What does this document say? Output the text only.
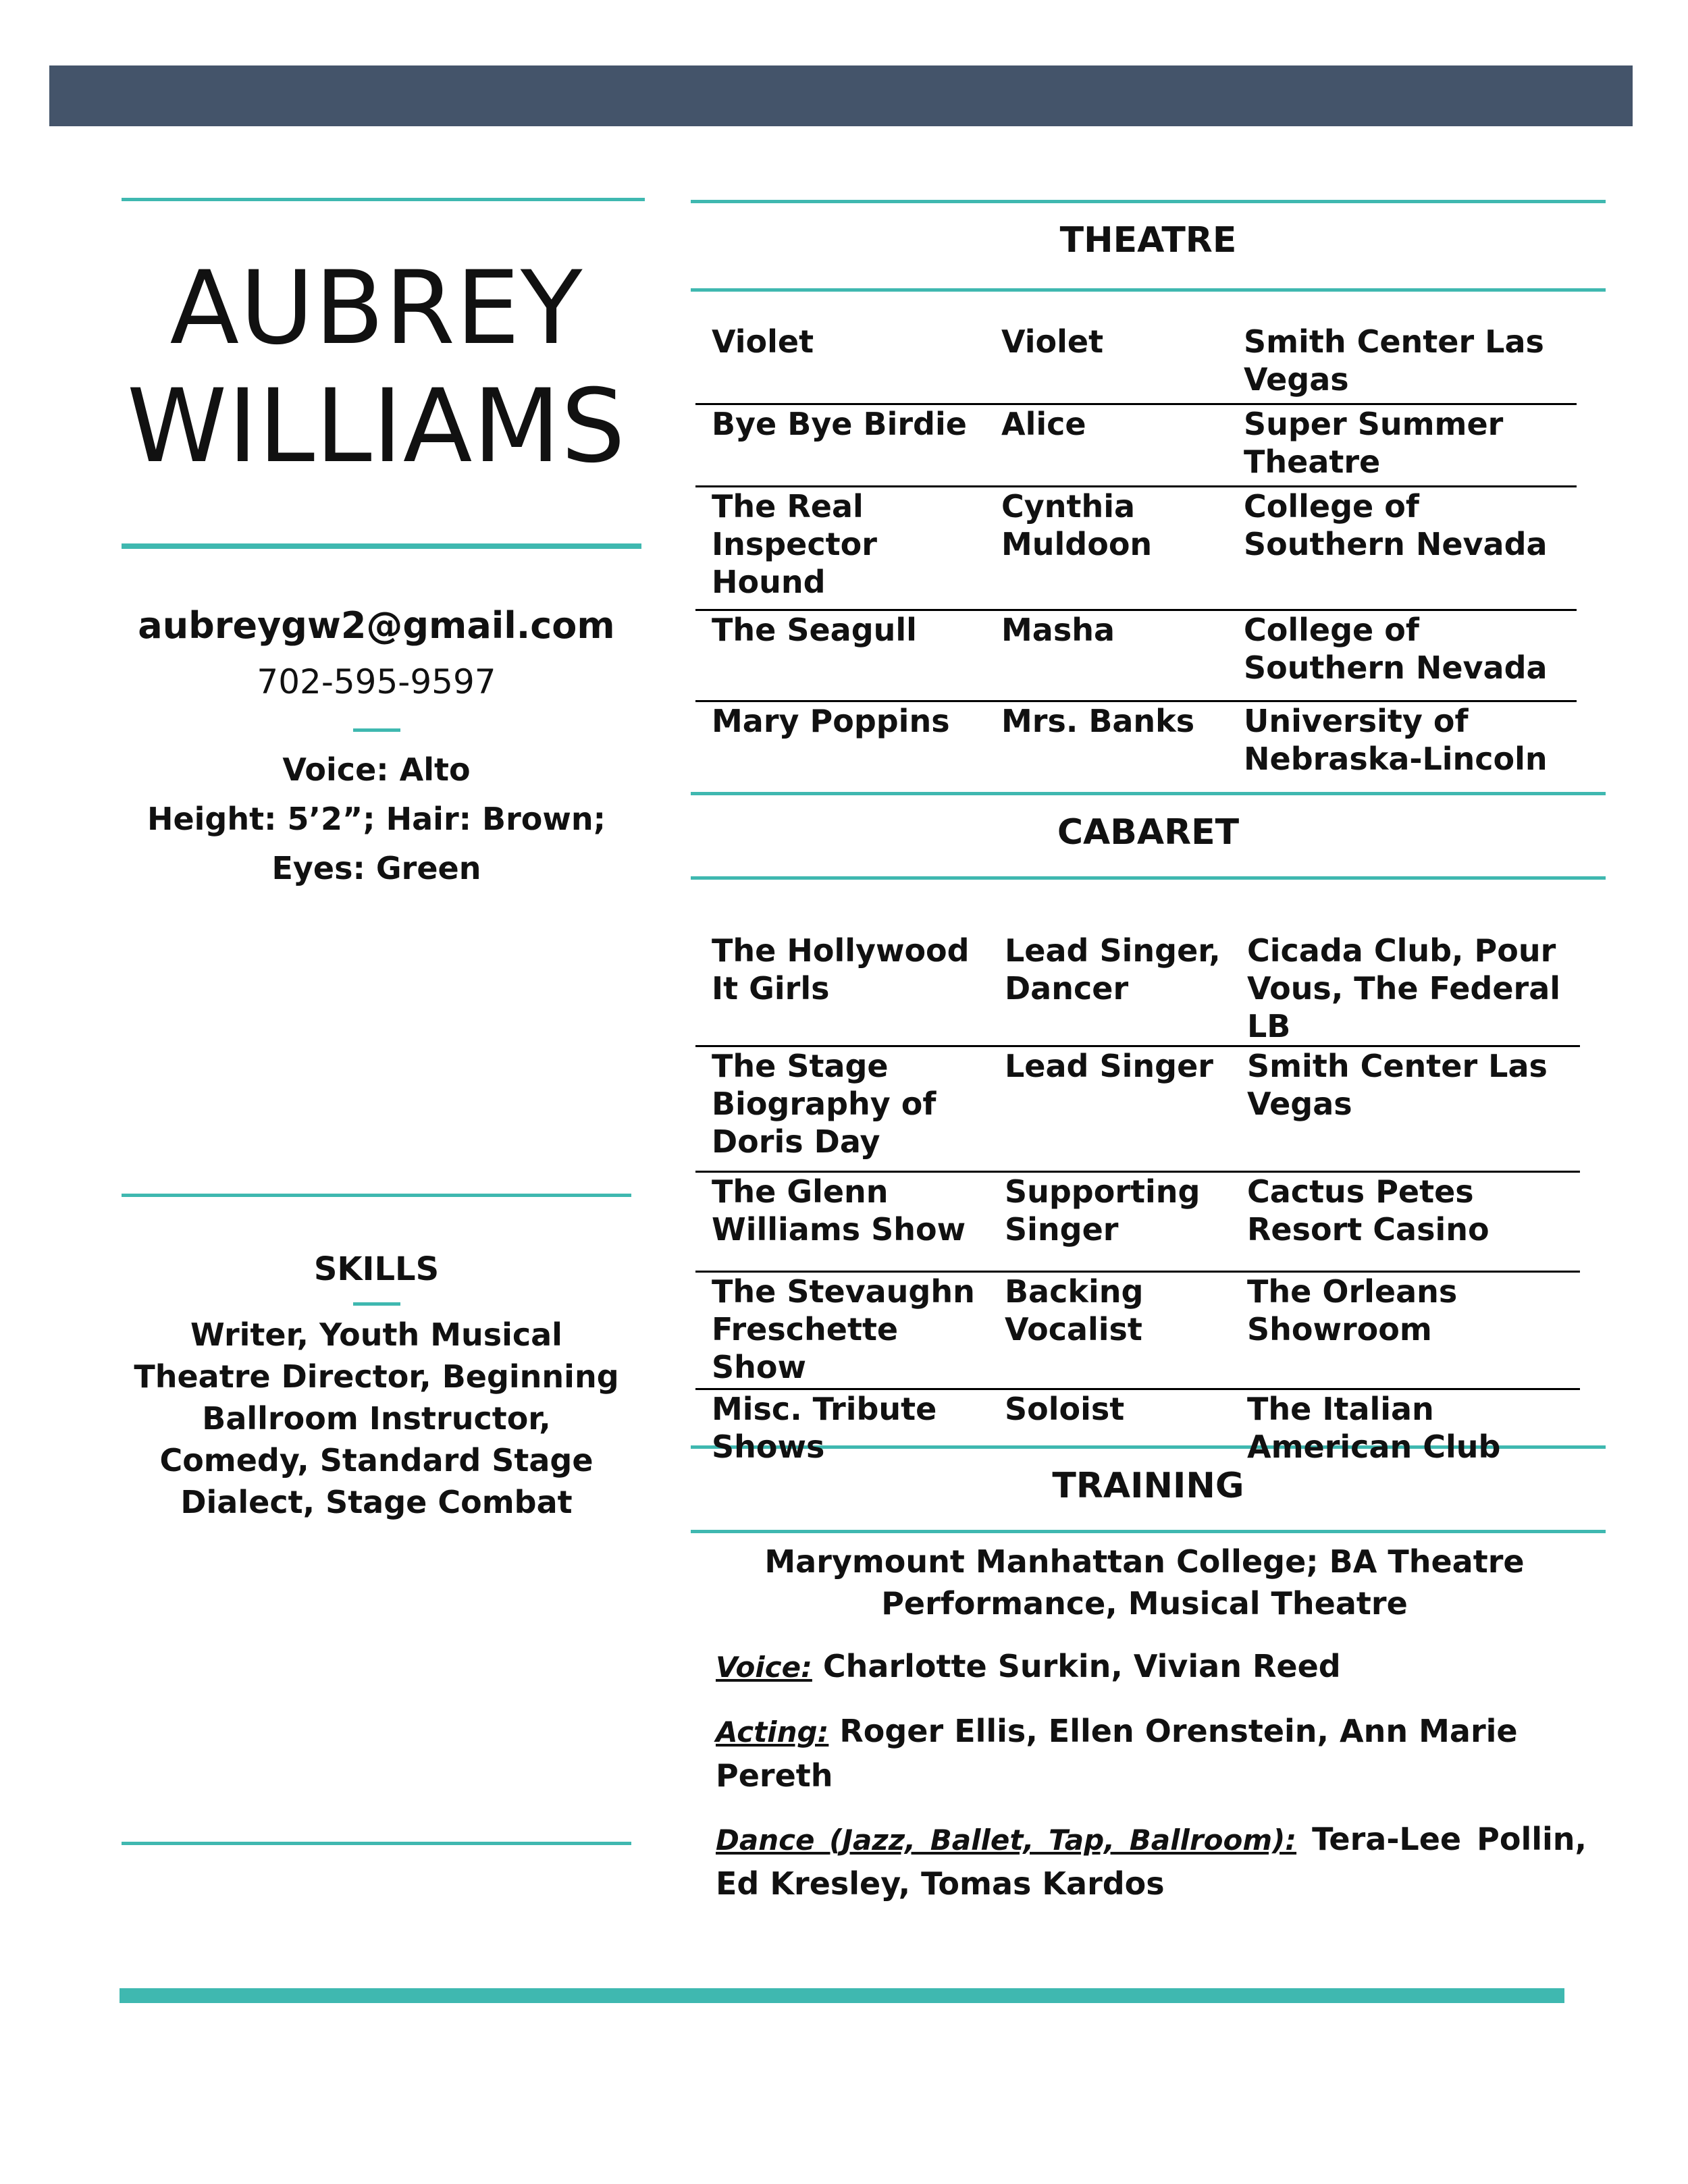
AUBREY
WILLIAMS
aubreygw2@gmail.com
702-595-9597
Voice: Alto
Height: 5’2”; Hair: Brown;
Eyes: Green
SKILLS
Writer, Youth Musical Theatre Director, Beginning Ballroom Instructor, Comedy, Standard Stage Dialect, Stage Combat
THEATRE
Violet	Violet	Smith Center Las Vegas
Bye Bye Birdie	Alice	Super Summer Theatre
The Real Inspector Hound	Cynthia Muldoon	College of Southern Nevada
The Seagull	Masha	College of Southern Nevada
Mary Poppins	Mrs. Banks	University of Nebraska-Lincoln
CABARET
The Hollywood It Girls	Lead Singer, Dancer	Cicada Club, Pour Vous, The Federal LB
The Stage Biography of Doris Day	Lead Singer	Smith Center Las Vegas
The Glenn Williams Show	Supporting Singer	Cactus Petes Resort Casino
The Stevaughn Freschette Show	Backing Vocalist	The Orleans Showroom
Misc. Tribute Shows	Soloist	The Italian American Club
TRAINING
Marymount Manhattan College; BA Theatre Performance, Musical Theatre
Voice: Charlotte Surkin, Vivian Reed
Acting: Roger Ellis, Ellen Orenstein, Ann Marie Pereth
Dance (Jazz, Ballet, Tap, Ballroom): Tera-Lee Pollin, Ed Kresley, Tomas Kardos
